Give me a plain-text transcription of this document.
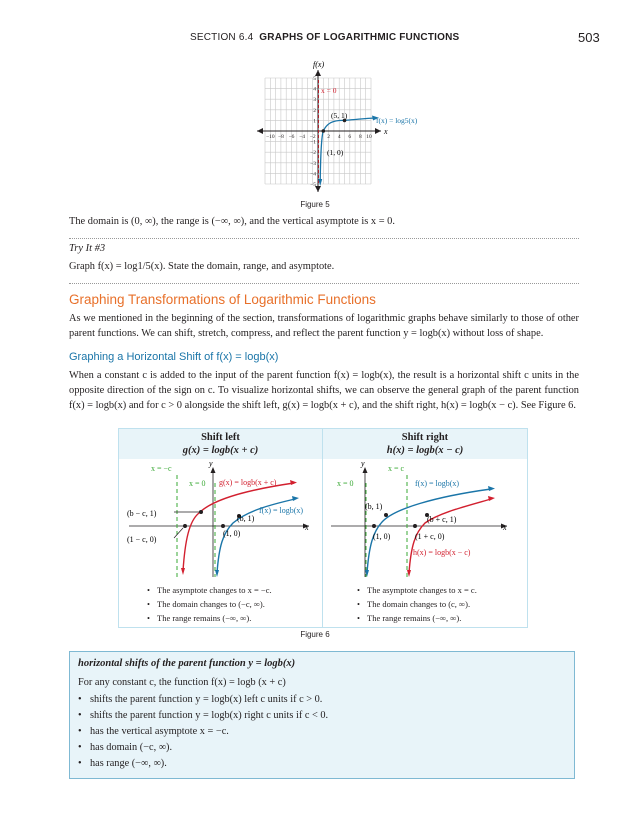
SECTION 6.4 GRAPHS OF LOGARITHMIC FUNCTIONS	503
−10 −8 −6 −4 −2 2 4 6 8 10
5
4
3
2
1
−1
−2
−3
−4
−5
f(x)
x
x = 0
(5, 1)
(1, 0)
f(x) = log5(x)
Figure 5
The domain is (0, ∞), the range is (−∞, ∞), and the vertical asymptote is x = 0.
Try It #3
Graph f(x) = log1/5(x). State the domain, range, and asymptote.
Graphing Transformations of Logarithmic Functions
As we mentioned in the beginning of the section, transformations of logarithmic graphs behave similarly to those of other parent functions. We can shift, stretch, compress, and reflect the parent function y = logb(x) without loss of shape.
Graphing a Horizontal Shift of f(x) = logb(x)
When a constant c is added to the input of the parent function f(x) = logb(x), the result is a horizontal shift c units in the opposite direction of the sign on c. To visualize horizontal shifts, we can observe the general graph of the parent function f(x) = logb(x) and for c > 0 alongside the shift left, g(x) = logb(x + c), and the shift right, h(x) = logb(x − c). See Figure 6.
Shift left
g(x) = logb(x + c)
Shift right
h(x) = logb(x − c)
x = −c
x = 0 g(x) = logb(x + c)
f(x) = logb(x)
(b − c, 1)
(1 − c, 0)
(b, 1)
(1, 0)
x
y
x = 0
x = c
f(x) = logb(x)
h(x) = logb(x − c)
(b, 1)
(b + c, 1)
(1, 0)	(1 + c, 0)
x
y
• The asymptote changes to x = −c.
• The domain changes to (−c, ∞).
• The range remains (−∞, ∞).
• The asymptote changes to x = c.
• The domain changes to (c, ∞).
• The range remains (−∞, ∞).
Figure 6
horizontal shifts of the parent function y = logb(x)
For any constant c, the function f(x) = logb (x + c)
• shifts the parent function y = logb(x) left c units if c > 0.
• shifts the parent function y = logb(x) right c units if c < 0.
• has the vertical asymptote x = −c.
• has domain (−c, ∞).
• has range (−∞, ∞).
